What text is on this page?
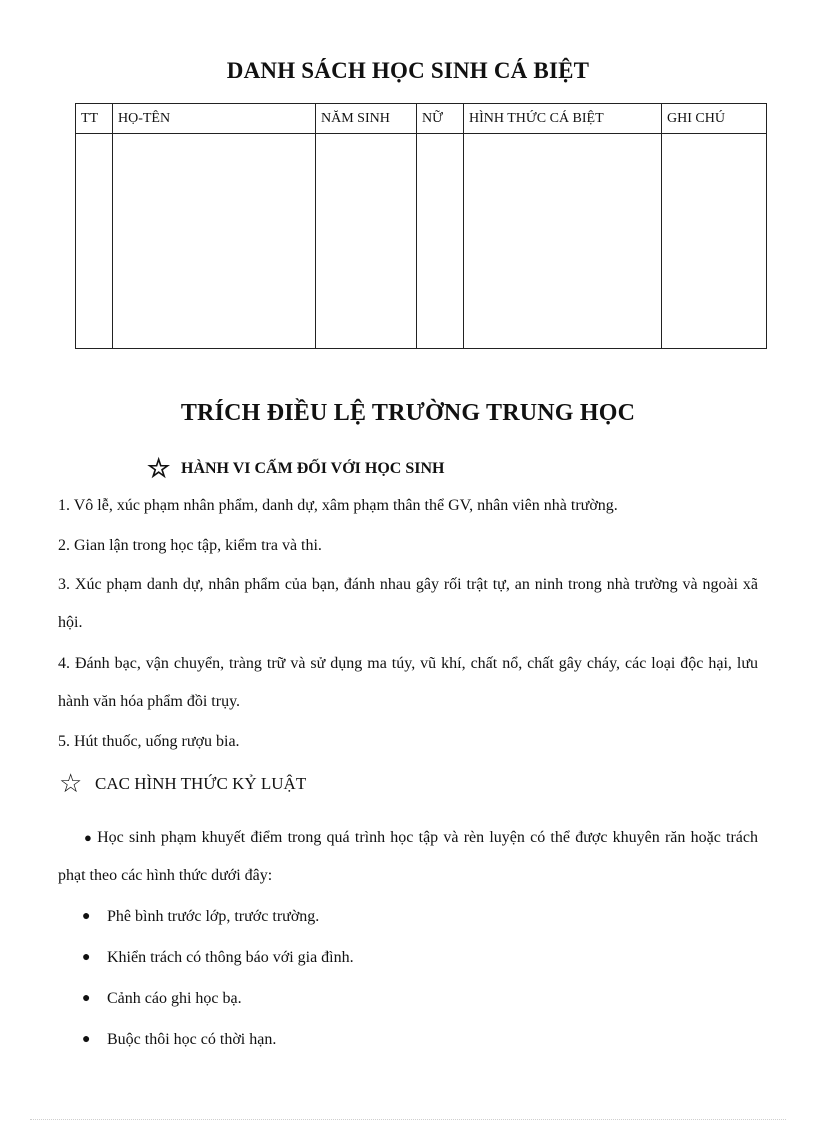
DANH SÁCH HỌC SINH CÁ BIỆT
TT	HỌ-TÊN	NĂM SINH	NỮ	HÌNH THỨC CÁ BIỆT	GHI CHÚ

TRÍCH ĐIỀU LỆ TRƯỜNG TRUNG HỌC
☆ HÀNH VI CẤM ĐỐI VỚI HỌC SINH

1. Vô lễ, xúc phạm nhân phẩm, danh dự, xâm phạm thân thể GV, nhân viên nhà trường.

2. Gian lận trong học tập, kiểm tra và thi.

3. Xúc phạm danh dự, nhân phẩm của bạn, đánh nhau gây rối trật tự, an ninh trong nhà trường và ngoài xã hội.

4. Đánh bạc, vận chuyển, tràng trữ và sử dụng ma túy, vũ khí, chất nổ, chất gây cháy, các loại độc hại, lưu hành văn hóa phẩm đồi trụy.

5. Hút thuốc, uống rượu bia.

☆ CAC HÌNH THỨC KỶ LUẬT

● Học sinh phạm khuyết điểm trong quá trình học tập và rèn luyện có thể được khuyên răn hoặc trách phạt theo các hình thức dưới đây:

●	Phê bình trước lớp, trước trường.
●	Khiển trách có thông báo với gia đình.
●	Cảnh cáo ghi học bạ.
●	Buộc thôi học có thời hạn.
